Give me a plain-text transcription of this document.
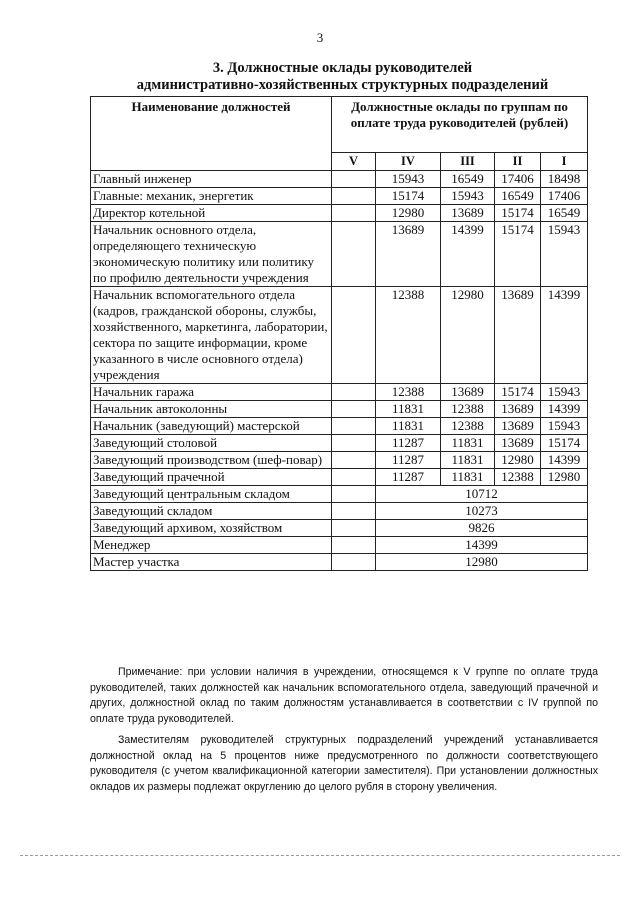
3
3. Должностные оклады руководителей
административно-хозяйственных структурных подразделений
Наименование должностей	Должностные оклады по группам по оплате труда руководителей (рублей)				
	V	IV	III	II	I
Главный инженер		15943	16549	17406	18498
Главные: механик, энергетик		15174	15943	16549	17406
Директор котельной		12980	13689	15174	16549
Начальник основного отдела, определяющего техническую экономическую политику или политику по профилю деятельности учреждения		13689	14399	15174	15943
Начальник вспомогательного отдела (кадров, гражданской обороны, службы, хозяйственного, маркетинга, лаборатории, сектора по защите информации, кроме указанного в числе основного отдела) учреждения		12388	12980	13689	14399
Начальник гаража		12388	13689	15174	15943
Начальник автоколонны		11831	12388	13689	14399
Начальник (заведующий) мастерской		11831	12388	13689	15943
Заведующий столовой		11287	11831	13689	15174
Заведующий производством (шеф-повар)		11287	11831	12980	14399
Заведующий прачечной		11287	11831	12388	12980
Заведующий центральным складом		10712			
Заведующий складом		10273			
Заведующий архивом, хозяйством		9826			
Менеджер		14399			
Мастер участка		12980			

Примечание: при условии наличия в учреждении, относящемся к V группе по оплате труда руководителей, таких должностей как начальник вспомогательного отдела, заведующий прачечной и других, должностной оклад по таким должностям устанавливается в соответствии с IV группой по оплате труда руководителей.

Заместителям руководителей структурных подразделений учреждений устанавливается должностной оклад на 5 процентов ниже предусмотренного по должности соответствующего руководителя (с учетом квалификационной категории заместителя). При установлении должностных окладов их размеры подлежат округлению до целого рубля в сторону увеличения.
